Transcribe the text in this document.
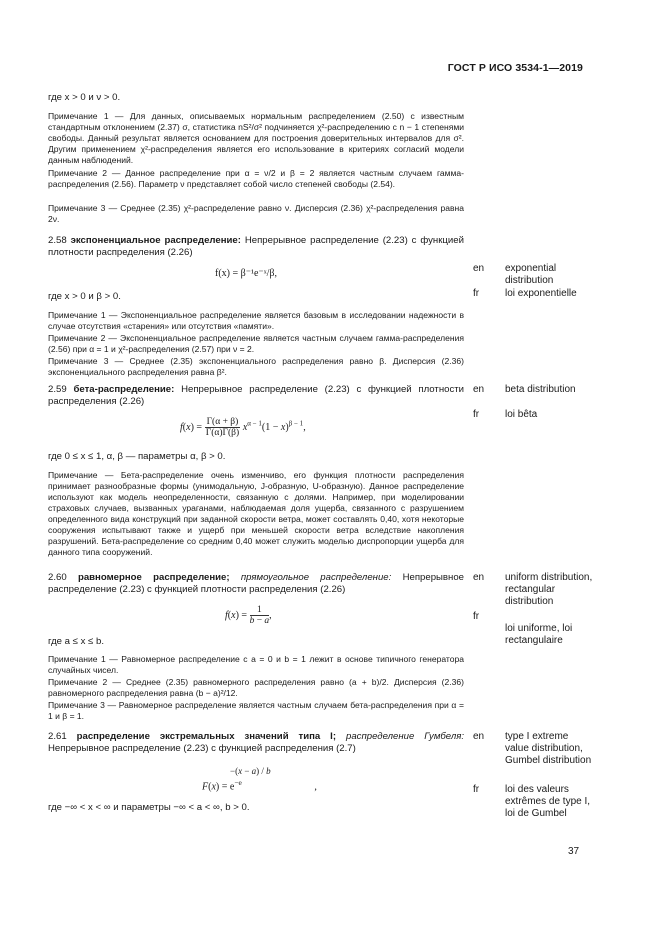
ГОСТ Р ИСО 3534-1—2019
где x > 0 и ν > 0.
Примечание 1 — Для данных, описываемых нормальным распределением (2.50) с известным стандартным отклонением (2.37) σ, статистика nS²/σ² подчиняется χ²-распределению с n − 1 степенями свободы. Данный результат является основанием для построения доверительных интервалов для σ². Другим применением χ²-распределения является его использование в критериях согласий модели данным наблюдений.
Примечание 2 — Данное распределение при α = ν/2 и β = 2 является частным случаем гамма-распределения (2.56). Параметр ν представляет собой число степеней свободы (2.54).
Примечание 3 — Среднее (2.35) χ²-распределение равно ν. Дисперсия (2.36) χ²-распределения равна 2ν.
2.58 экспоненциальное распределение: Непрерывное распределение (2.23) с функцией плотности распределения (2.26)
f(x) = β⁻¹e⁻ˣ/β,
где x > 0 и β > 0.
Примечание 1 — Экспоненциальное распределение является базовым в исследовании надежности в случае отсутствия «старения» или отсутствия «памяти».
Примечание 2 — Экспоненциальное распределение является частным случаем гамма-распределения (2.56) при α = 1 и χ²-распределения (2.57) при ν = 2.
Примечание 3 — Среднее (2.35) экспоненциального распределения равно β. Дисперсия (2.36) экспоненциального распределения равна β².
en exponential distribution
fr	loi exponentielle
2.59 бета-распределение: Непрерывное распределение (2.23) с функцией плотности распределения (2.26)
$f(x) = \frac{\Gamma(\alpha + \beta)}{\Gamma(\alpha)\Gamma(\beta)} x^{\alpha - 1}(1 - x)^{\beta - 1}$,
где 0 ≤ x ≤ 1, α, β — параметры α, β > 0.
Примечание — Бета-распределение очень изменчиво, его функция плотности распределения принимает разнообразные формы (унимодальную, J-образную, U-образную). Данное распределение используют как модель неопределенности, связанную с долями. Например, при моделировании страховых случаев, вызванных ураганами, наблюдаемая доля ущерба, связанного с разрушением определенного вида конструкций при заданной скорости ветра, может составлять 0,40, хотя некоторые сооружения испытывают также и ущерб при меньшей скорости ветра вследствие накопления разрушений. Бета-распределение со средним 0,40 может служить моделью диспропорции ущерба для данного типа сооружений.
en beta distribution
fr	loi bêta
2.60 равномерное распределение; прямоугольное распределение: Непрерывное распределение (2.23) с функцией плотности распределения (2.26)
$f(x) = \frac{1}{b - a}$ ,
где a ≤ x ≤ b.
Примечание 1 — Равномерное распределение с a = 0 и b = 1 лежит в основе типичного генератора случайных чисел.
Примечание 2 — Среднее (2.35) равномерного распределения равно (a + b)/2. Дисперсия (2.36) равномерного распределения равна (b − a)²/12.
Примечание 3 — Равномерное распределение является частным случаем бета-распределения при α = 1 и β = 1.
en uniform distribution, rectangular distribution
fr
loi uniforme, loi rectangulaire
2.61 распределение экстремальных значений типа I; распределение Гумбеля: Непрерывное распределение (2.23) с функцией распределения (2.7)
−(x − a) / b
$F(x) = e^{-e}$	,
где −∞ < x < ∞ и параметры −∞ < a < ∞, b > 0.
en type I extreme value distribution, Gumbel distribution
fr	loi des valeurs extrêmes de type I, loi de Gumbel
37
